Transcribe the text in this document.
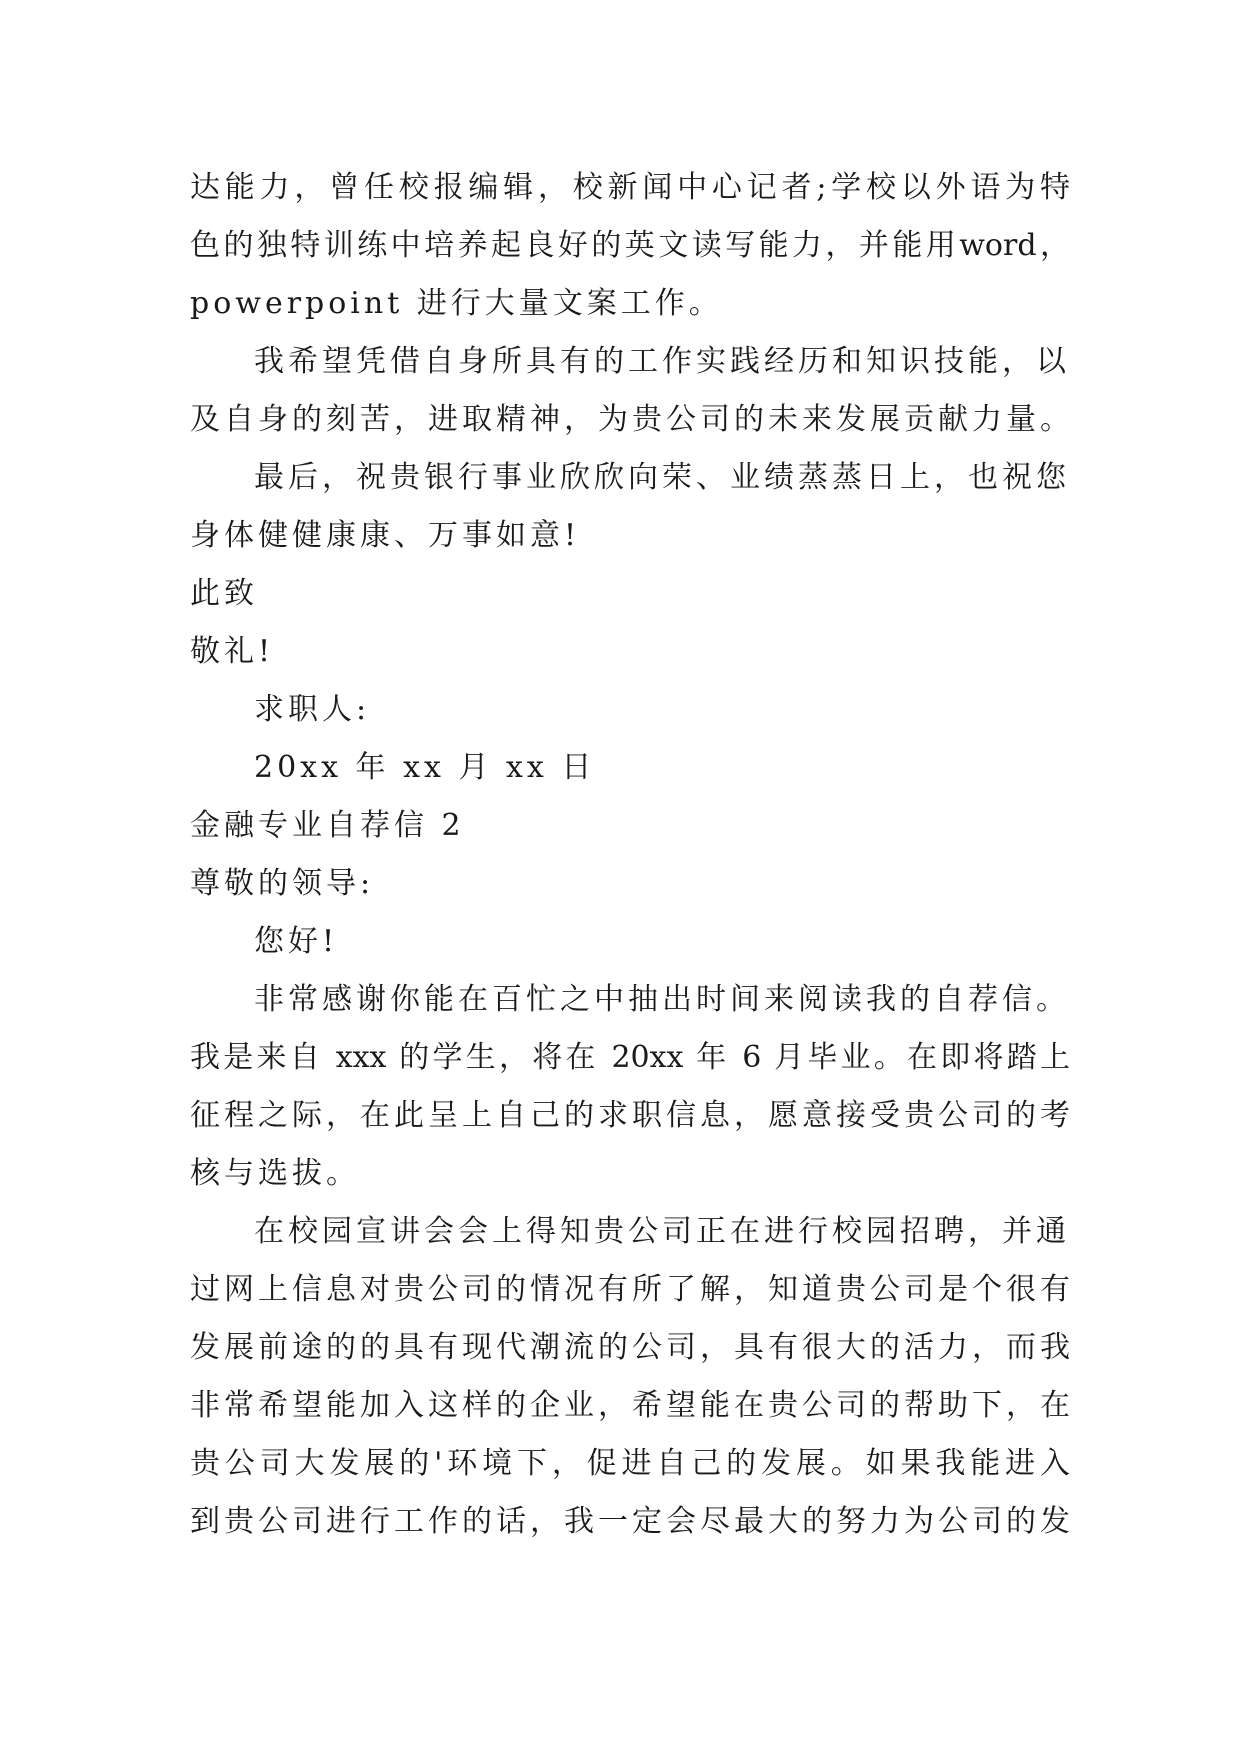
达能力，曾任校报编辑，校新闻中心记者;学校以外语为特
色的独特训练中培养起良好的英文读写能力，并能用word，
powerpoint 进行大量文案工作。
我希望凭借自身所具有的工作实践经历和知识技能，以
及自身的刻苦，进取精神，为贵公司的未来发展贡献力量。
最后，祝贵银行事业欣欣向荣、业绩蒸蒸日上，也祝您
身体健健康康、万事如意!
此致
敬礼!
求职人:
20xx 年 xx 月 xx 日
金融专业自荐信 2
尊敬的领导:
您好!
非常感谢你能在百忙之中抽出时间来阅读我的自荐信。
我是来自 xxx 的学生，将在 20xx 年 6 月毕业。在即将踏上
征程之际，在此呈上自己的求职信息，愿意接受贵公司的考
核与选拔。
在校园宣讲会会上得知贵公司正在进行校园招聘，并通
过网上信息对贵公司的情况有所了解，知道贵公司是个很有
发展前途的的具有现代潮流的公司，具有很大的活力，而我
非常希望能加入这样的企业，希望能在贵公司的帮助下，在
贵公司大发展的'环境下，促进自己的发展。如果我能进入
到贵公司进行工作的话，我一定会尽最大的努力为公司的发
